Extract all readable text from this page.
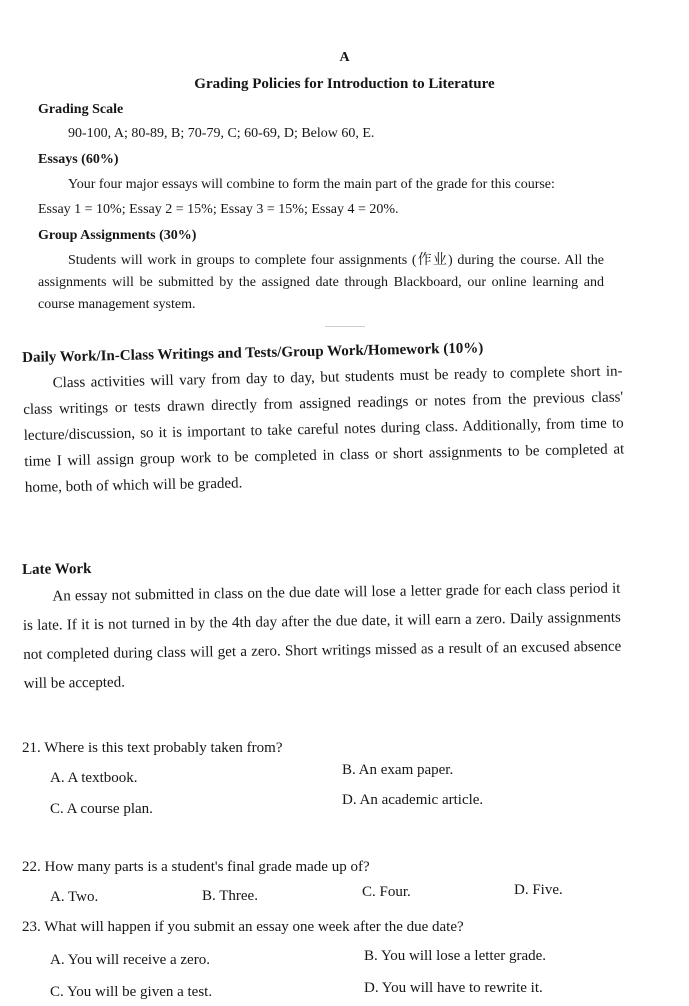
A
Grading Policies for Introduction to Literature
Grading Scale
90-100, A; 80-89, B; 70-79, C; 60-69, D; Below 60, E.
Essays (60%)
Your four major essays will combine to form the main part of the grade for this course:
Essay 1 = 10%; Essay 2 = 15%; Essay 3 = 15%; Essay 4 = 20%.
Group Assignments (30%)
Students will work in groups to complete four assignments (作业) during the course. All the assignments will be submitted by the assigned date through Blackboard, our online learning and course management system.
Daily Work/In-Class Writings and Tests/Group Work/Homework (10%)
Class activities will vary from day to day, but students must be ready to complete short in-class writings or tests drawn directly from assigned readings or notes from the previous class' lecture/discussion, so it is important to take careful notes during class. Additionally, from time to time I will assign group work to be completed in class or short assignments to be completed at home, both of which will be graded.
Late Work
An essay not submitted in class on the due date will lose a letter grade for each class period it is late. If it is not turned in by the 4th day after the due date, it will earn a zero. Daily assignments not completed during class will get a zero. Short writings missed as a result of an excused absence will be accepted.
21. Where is this text probably taken from?
A. A textbook.	B. An exam paper.
C. A course plan.
D. An academic article.
22. How many parts is a student's final grade made up of?
A. Two.	B. Three.	C. Four.	D. Five.
23. What will happen if you submit an essay one week after the due date?
A. You will receive a zero.	B. You will lose a letter grade.
C. You will be given a test.	D. You will have to rewrite it.
